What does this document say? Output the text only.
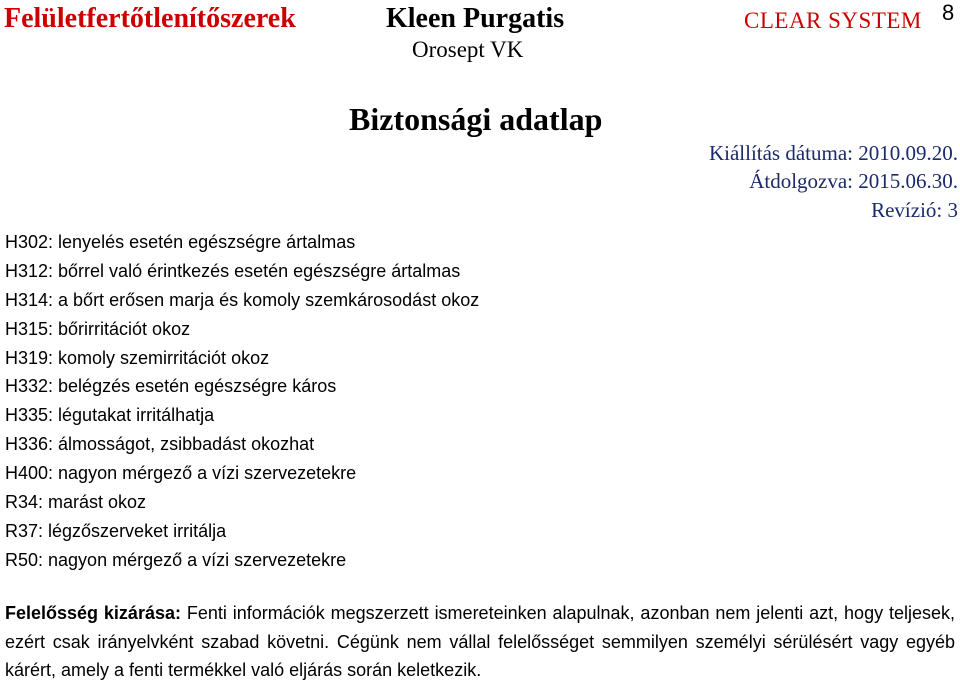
Felületfertőtlenítőszerek	Kleen Purgatis	CLEAR SYSTEM 8
Orosept VK
Biztonsági adatlap
Kiállítás dátuma: 2010.09.20.
Átdolgozva: 2015.06.30.
Revízió: 3
H302: lenyelés esetén egészségre ártalmas
H312: bőrrel való érintkezés esetén egészségre ártalmas
H314: a bőrt erősen marja és komoly szemkárosodást okoz
H315: bőrirritációt okoz
H319: komoly szemirritációt okoz
H332: belégzés esetén egészségre káros
H335: légutakat irritálhatja
H336: álmosságot, zsibbadást okozhat
H400: nagyon mérgező a vízi szervezetekre
R34: marást okoz
R37: légzőszerveket irritálja
R50: nagyon mérgező a vízi szervezetekre

Felelősség kizárása: Fenti információk megszerzett ismereteinken alapulnak, azonban nem jelenti azt, hogy teljesek, ezért csak irányelvként szabad követni. Cégünk nem vállal felelősséget semmilyen személyi sérülésért vagy egyéb kárért, amely a fenti termékkel való eljárás során keletkezik.
